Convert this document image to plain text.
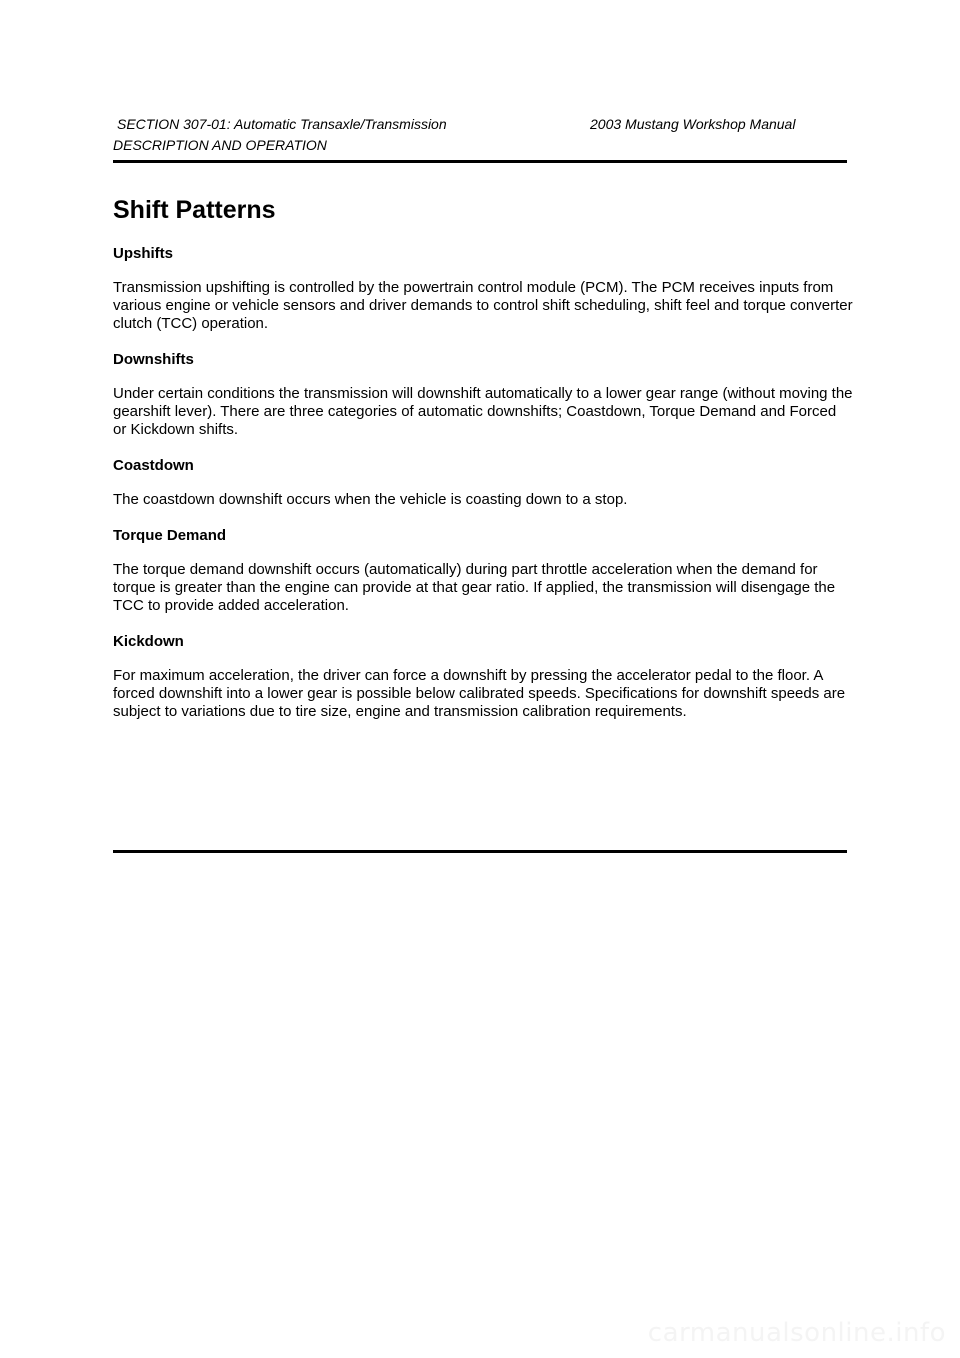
SECTION 307-01: Automatic Transaxle/Transmission	2003 Mustang Workshop Manual
DESCRIPTION AND OPERATION
Shift Patterns
Upshifts

Transmission upshifting is controlled by the powertrain control module (PCM). The PCM receives inputs from various engine or vehicle sensors and driver demands to control shift scheduling, shift feel and torque converter clutch (TCC) operation.

Downshifts

Under certain conditions the transmission will downshift automatically to a lower gear range (without moving the gearshift lever). There are three categories of automatic downshifts; Coastdown, Torque Demand and Forced or Kickdown shifts.

Coastdown

The coastdown downshift occurs when the vehicle is coasting down to a stop.

Torque Demand

The torque demand downshift occurs (automatically) during part throttle acceleration when the demand for torque is greater than the engine can provide at that gear ratio. If applied, the transmission will disengage the TCC to provide added acceleration.

Kickdown

For maximum acceleration, the driver can force a downshift by pressing the accelerator pedal to the floor. A forced downshift into a lower gear is possible below calibrated speeds. Specifications for downshift speeds are subject to variations due to tire size, engine and transmission calibration requirements.

carmanualsonline.info
